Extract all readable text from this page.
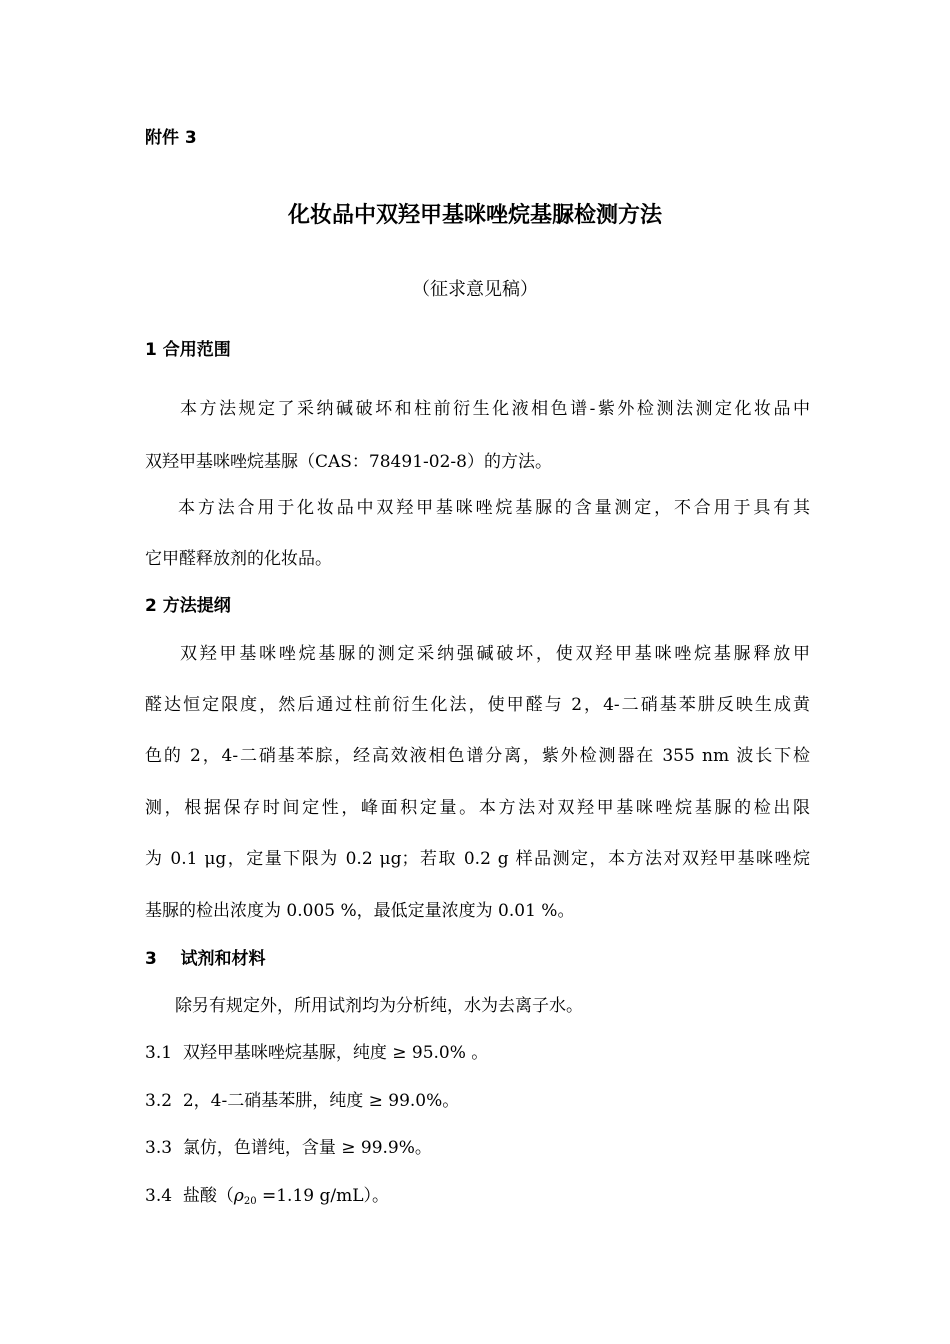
附件 3
化妆品中双羟甲基咪唑烷基脲检测方法
（征求意见稿）
1 合用范围
本方法规定了采纳碱破坏和柱前衍生化液相色谱-紫外检测法测定化妆品中
双羟甲基咪唑烷基脲（CAS：78491-02-8）的方法。
本方法合用于化妆品中双羟甲基咪唑烷基脲的含量测定，不合用于具有其
它甲醛释放剂的化妆品。
2 方法提纲
双羟甲基咪唑烷基脲的测定采纳强碱破坏，使双羟甲基咪唑烷基脲释放甲
醛达恒定限度，然后通过柱前衍生化法，使甲醛与 2，4-二硝基苯肼反映生成黄
色的 2，4-二硝基苯腙，经高效液相色谱分离，紫外检测器在 355 nm 波长下检
测，根据保存时间定性，峰面积定量。本方法对双羟甲基咪唑烷基脲的检出限
为 0.1 μg，定量下限为 0.2 μg；若取 0.2 g 样品测定，本方法对双羟甲基咪唑烷
基脲的检出浓度为 0.005 %，最低定量浓度为 0.01 %。
3    试剂和材料
除另有规定外，所用试剂均为分析纯，水为去离子水。
3.1  双羟甲基咪唑烷基脲，纯度 ≥ 95.0% 。
3.2  2，4-二硝基苯肼，纯度 ≥ 99.0%。
3.3  氯仿，色谱纯，含量 ≥ 99.9%。
3.4  盐酸（$\rho_{20} =1.19$ g/mL）。
